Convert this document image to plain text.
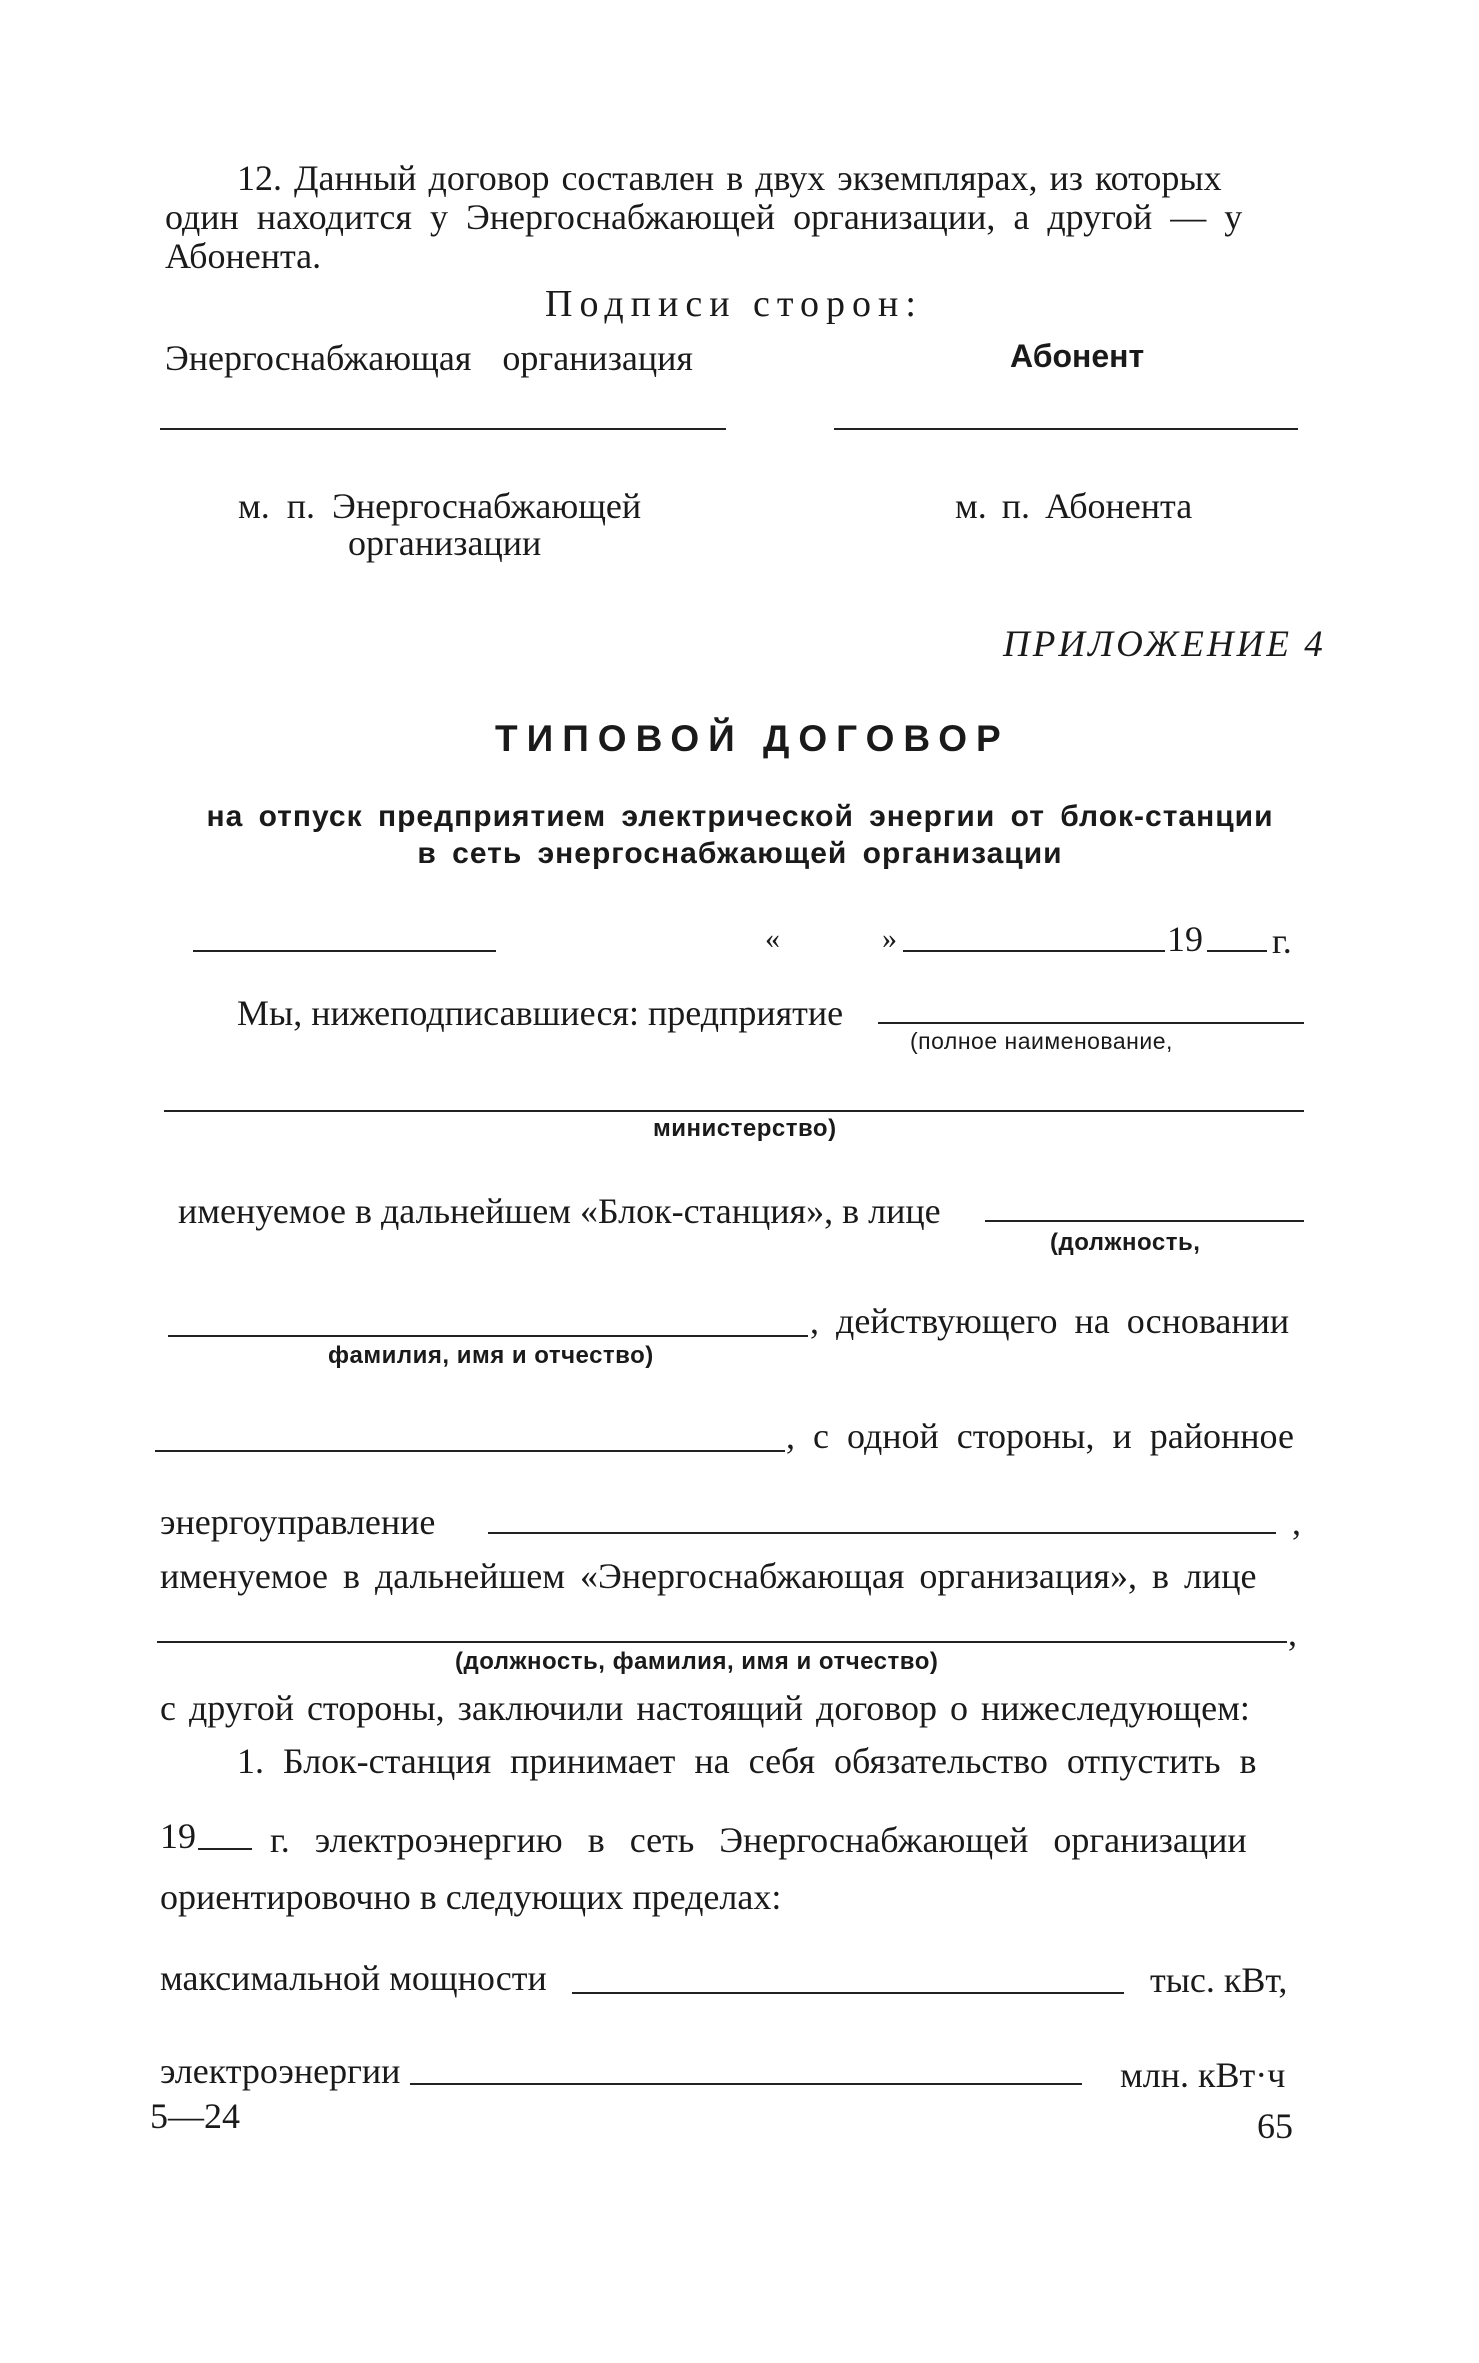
12. Данный договор составлен в двух экземплярах, из которых
один находится у Энергоснабжающей организации, а другой — у
Абонента.
Подписи сторон:
Энергоснабжающая организация	Абонент
м. п. Энергоснабжающей
организации
м. п. Абонента
ПРИЛОЖЕНИЕ 4
ТИПОВОЙ ДОГОВОР
на отпуск предприятием электрической энергии от блок-станции
в сеть энергоснабжающей организации
«	»	19 г.
Мы, нижеподписавшиеся: предприятие
(полное наименование,
министерство)
именуемое в дальнейшем «Блок-станция», в лице
(должность,
, действующего на основании
фамилия, имя и отчество)
, с одной стороны, и районное
энергоуправление	,
именуемое в дальнейшем «Энергоснабжающая организация», в лице
,
(должность, фамилия, имя и отчество)
с другой стороны, заключили настоящий договор о нижеследующем:
1. Блок-станция принимает на себя обязательство отпустить в
19 г. электроэнергию в сеть Энергоснабжающей организации
ориентировочно в следующих пределах:
максимальной мощности	тыс. кВт,
электроэнергии	млн. кВт·ч
5—24	65
